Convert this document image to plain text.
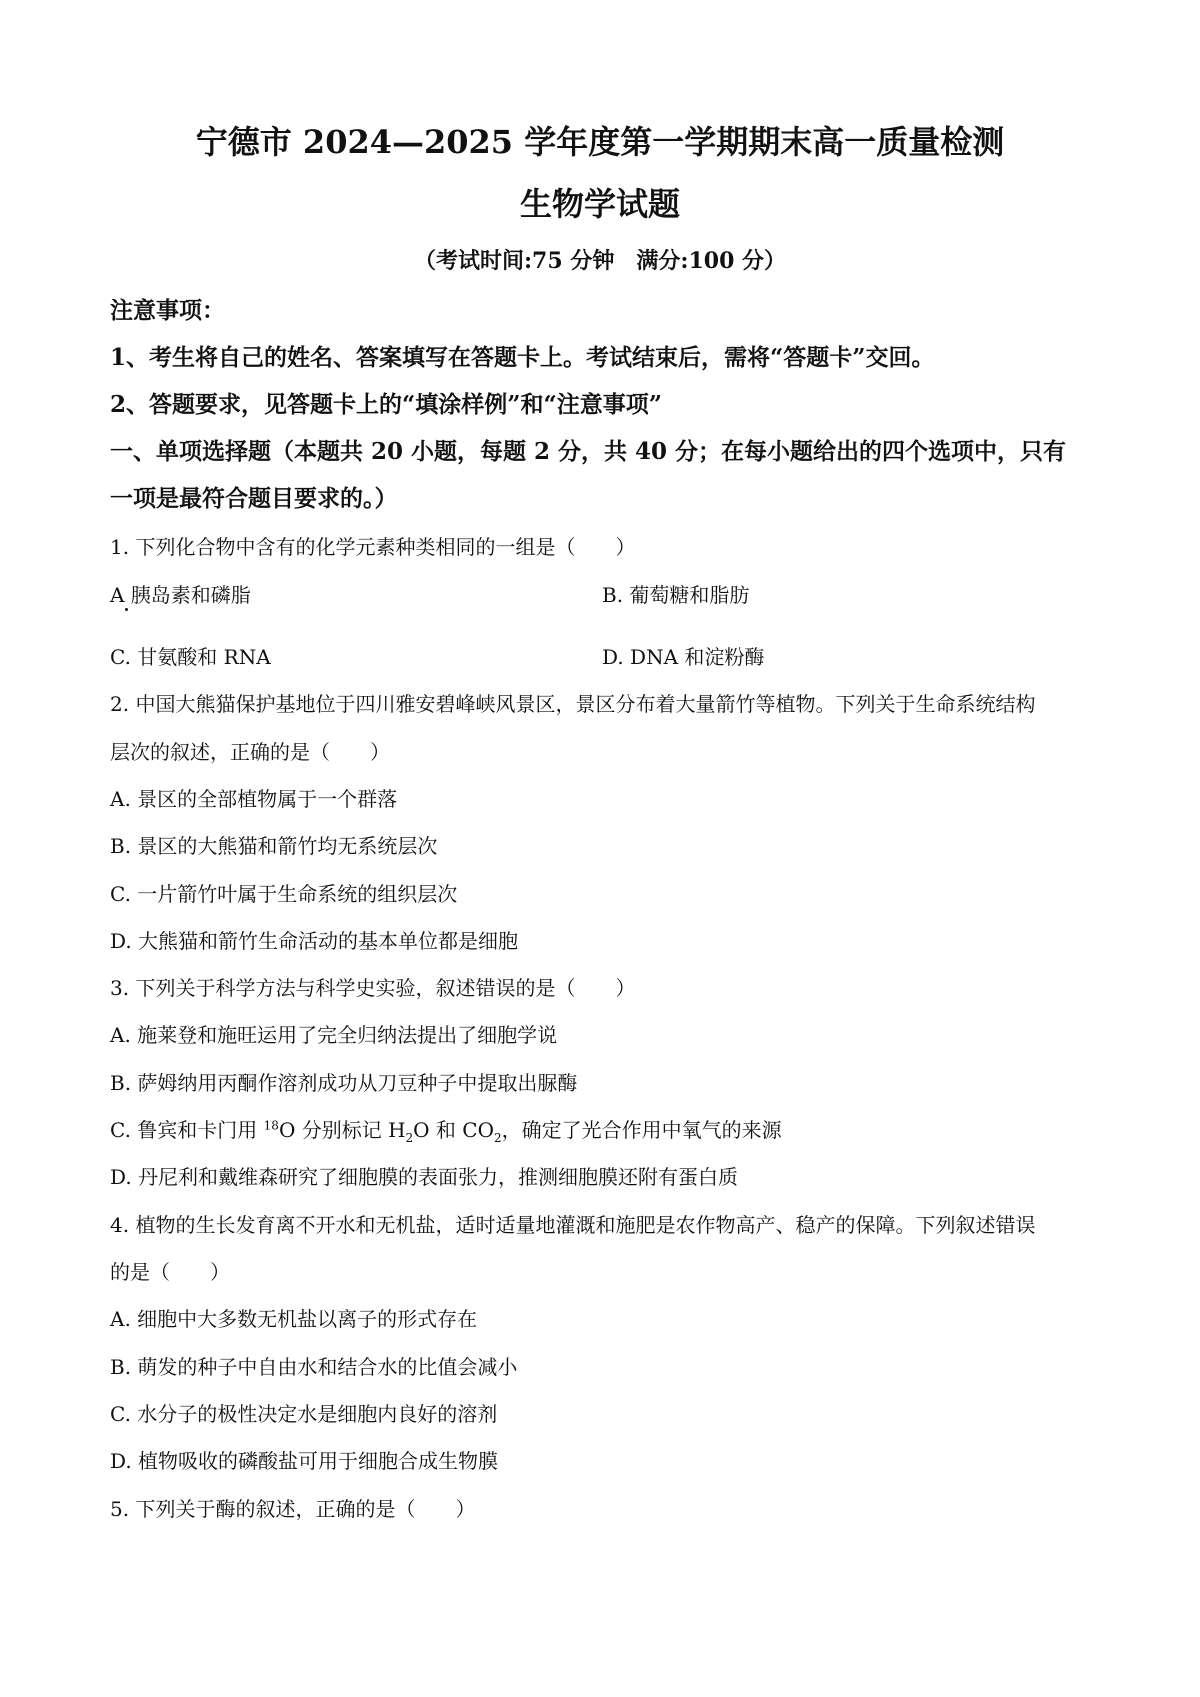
宁德市 2024—2025 学年度第一学期期末高一质量检测
生物学试题
（考试时间:75 分钟　满分:100 分）
注意事项：
1、考生将自己的姓名、答案填写在答题卡上。考试结束后，需将“答题卡”交回。
2、答题要求，见答题卡上的“填涂样例”和“注意事项”
一、单项选择题（本题共 20 小题，每题 2 分，共 40 分；在每小题给出的四个选项中，只有
一项是最符合题目要求的。）
1. 下列化合物中含有的化学元素种类相同的一组是（　　）
A 胰岛素和磷脂	B. 葡萄糖和脂肪
C. 甘氨酸和 RNA	D. DNA 和淀粉酶
2. 中国大熊猫保护基地位于四川雅安碧峰峡风景区，景区分布着大量箭竹等植物。下列关于生命系统结构
层次的叙述，正确的是（　　）
A. 景区的全部植物属于一个群落
B. 景区的大熊猫和箭竹均无系统层次
C. 一片箭竹叶属于生命系统的组织层次
D. 大熊猫和箭竹生命活动的基本单位都是细胞
3. 下列关于科学方法与科学史实验，叙述错误的是（　　）
A. 施莱登和施旺运用了完全归纳法提出了细胞学说
B. 萨姆纳用丙酮作溶剂成功从刀豆种子中提取出脲酶
C. 鲁宾和卡门用 $^{18}$O 分别标记 $H_2O$ 和 $CO_2$，确定了光合作用中氧气的来源
D. 丹尼利和戴维森研究了细胞膜的表面张力，推测细胞膜还附有蛋白质
4. 植物的生长发育离不开水和无机盐，适时适量地灌溉和施肥是农作物高产、稳产的保障。下列叙述错误
的是（　　）
A. 细胞中大多数无机盐以离子的形式存在
B. 萌发的种子中自由水和结合水的比值会减小
C. 水分子的极性决定水是细胞内良好的溶剂
D. 植物吸收的磷酸盐可用于细胞合成生物膜
5. 下列关于酶的叙述，正确的是（　　）
